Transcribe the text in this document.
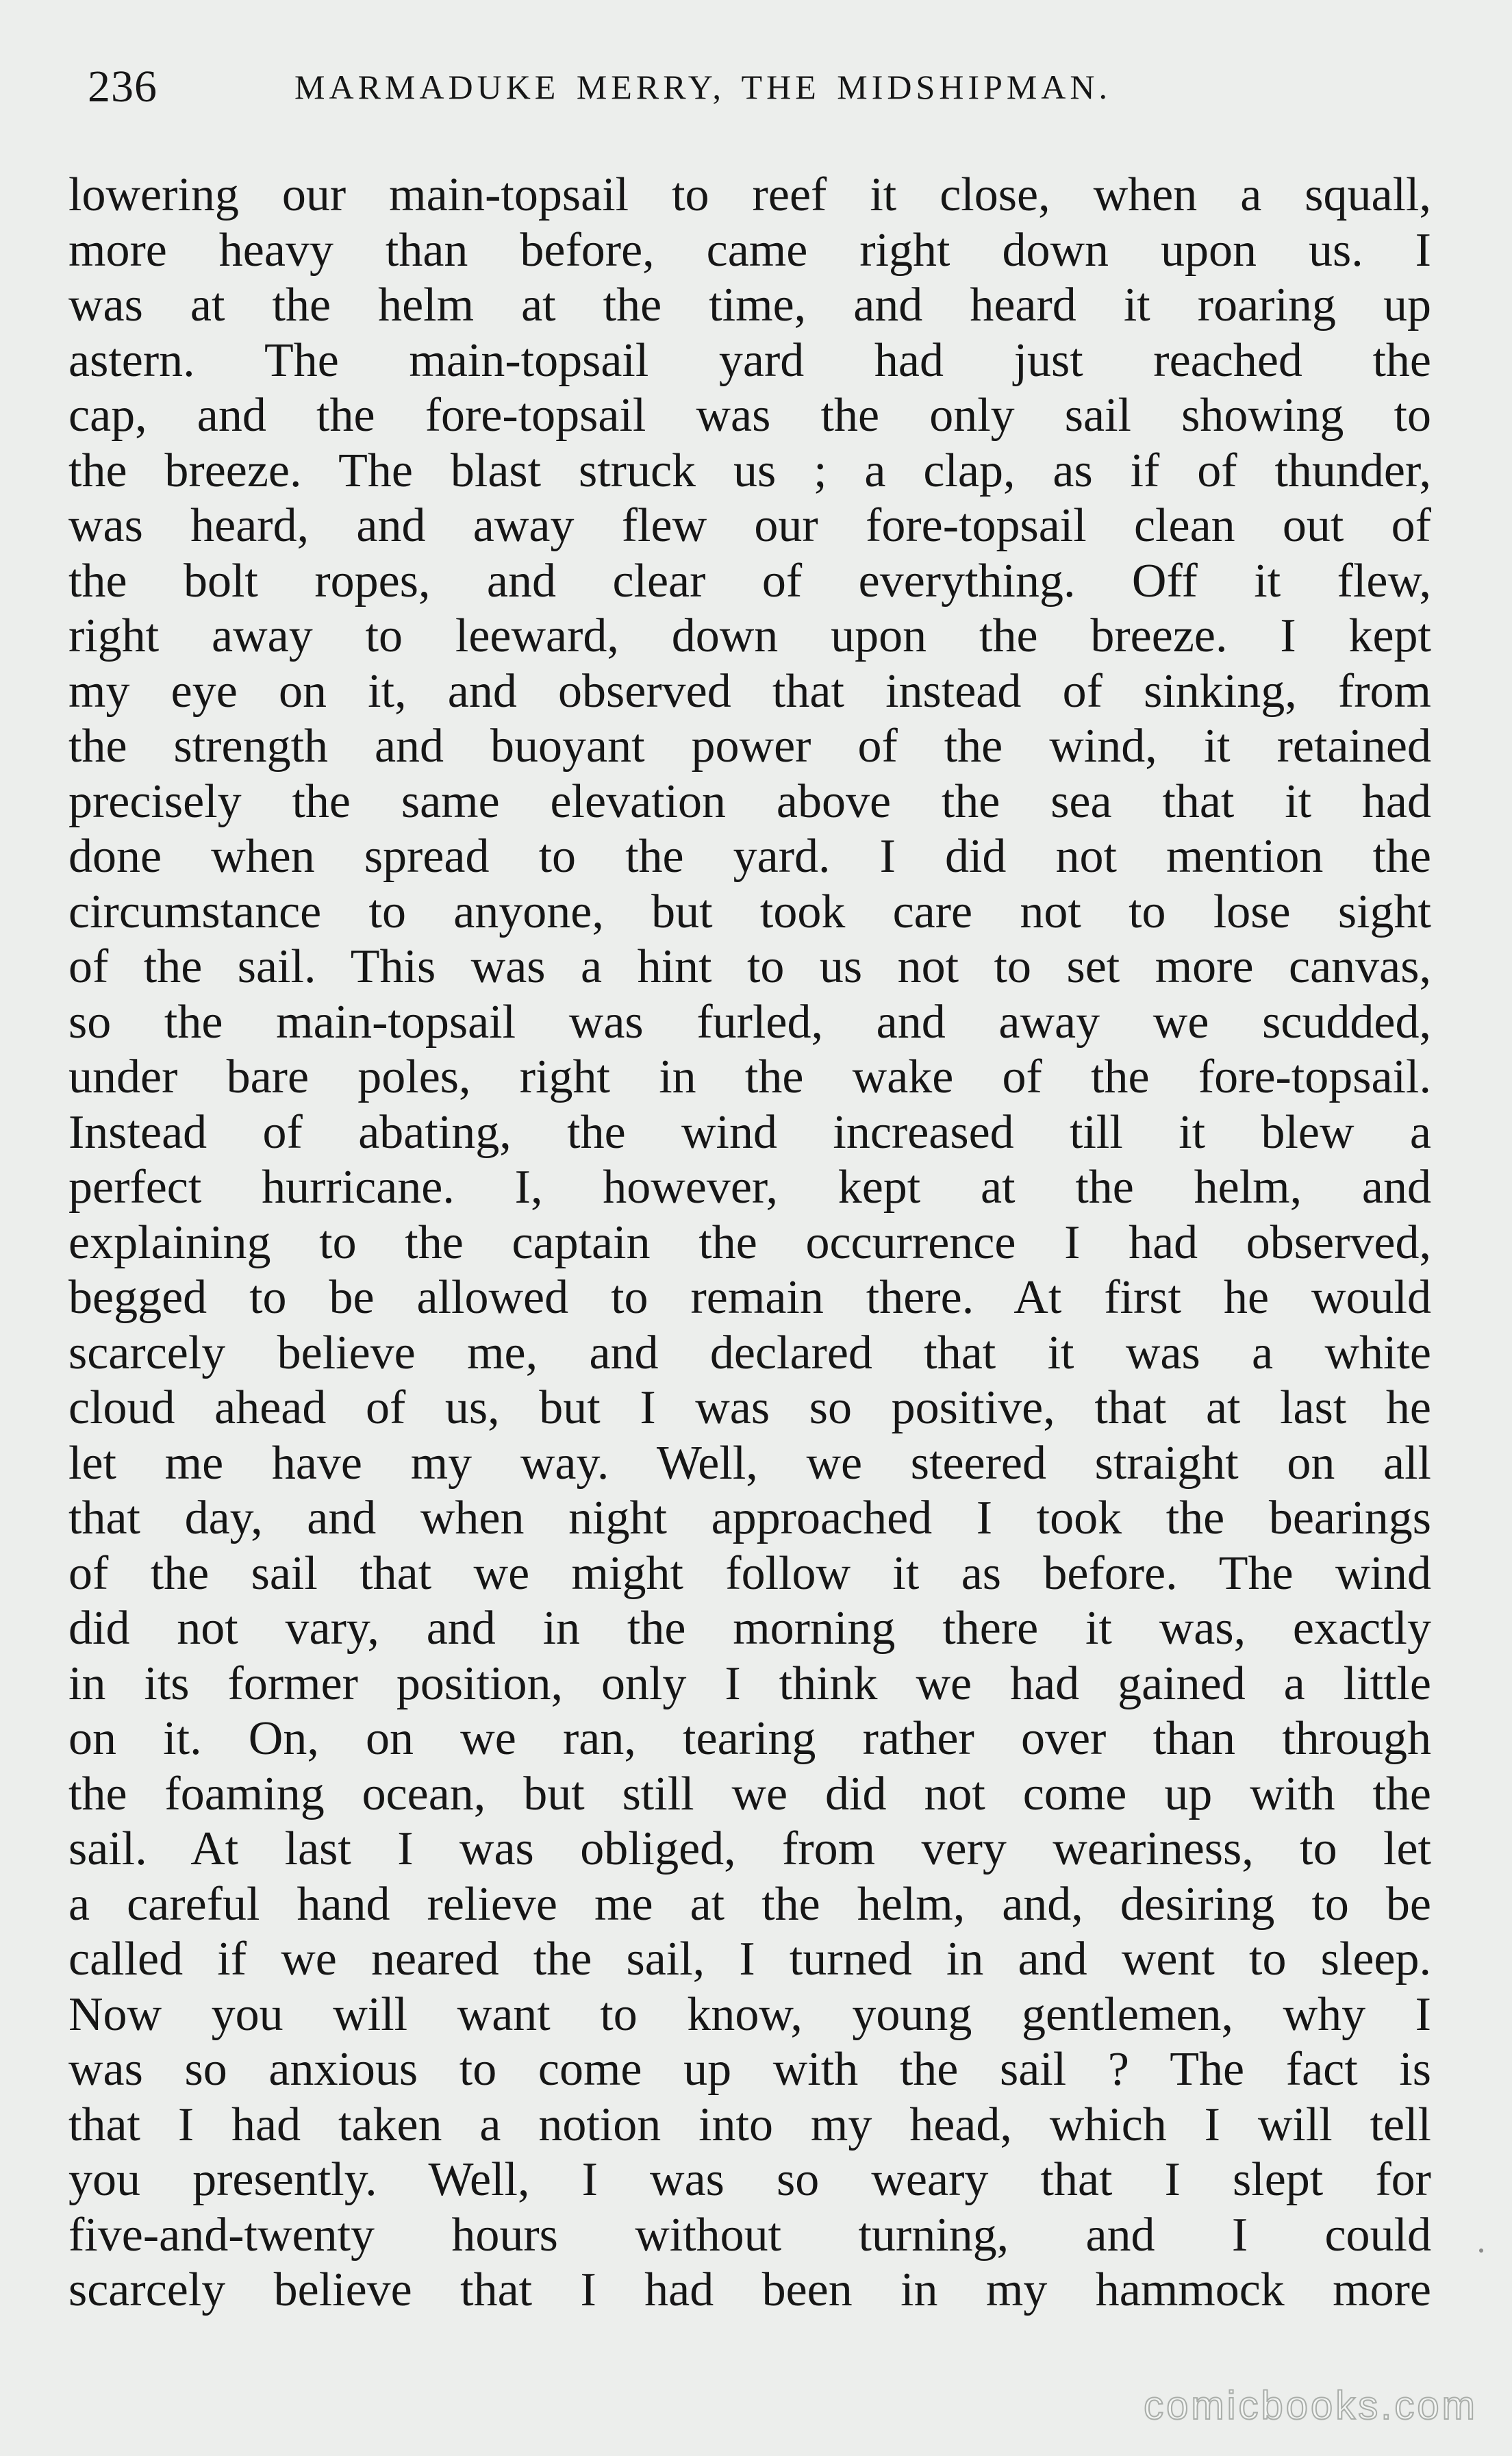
236	MARMADUKE MERRY, THE MIDSHIPMAN.
lowering our main-topsail to reef it close, when a squall,
more heavy than before, came right down upon us. I
was at the helm at the time, and heard it roaring up
astern. The main-topsail yard had just reached the
cap, and the fore-topsail was the only sail showing to
the breeze. The blast struck us ; a clap, as if of thunder,
was heard, and away flew our fore-topsail clean out of
the bolt ropes, and clear of everything. Off it flew,
right away to leeward, down upon the breeze. I kept
my eye on it, and observed that instead of sinking, from
the strength and buoyant power of the wind, it retained
precisely the same elevation above the sea that it had
done when spread to the yard. I did not mention the
circumstance to anyone, but took care not to lose sight
of the sail. This was a hint to us not to set more canvas,
so the main-topsail was furled, and away we scudded,
under bare poles, right in the wake of the fore-topsail.
Instead of abating, the wind increased till it blew a
perfect hurricane. I, however, kept at the helm, and
explaining to the captain the occurrence I had observed,
begged to be allowed to remain there. At first he would
scarcely believe me, and declared that it was a white
cloud ahead of us, but I was so positive, that at last he
let me have my way. Well, we steered straight on all
that day, and when night approached I took the bearings
of the sail that we might follow it as before. The wind
did not vary, and in the morning there it was, exactly
in its former position, only I think we had gained a little
on it. On, on we ran, tearing rather over than through
the foaming ocean, but still we did not come up with the
sail. At last I was obliged, from very weariness, to let
a careful hand relieve me at the helm, and, desiring to be
called if we neared the sail, I turned in and went to sleep.
Now you will want to know, young gentlemen, why I
was so anxious to come up with the sail ? The fact is
that I had taken a notion into my head, which I will tell
you presently. Well, I was so weary that I slept for
five-and-twenty hours without turning, and I could
scarcely believe that I had been in my hammock more
comicbooks.com
